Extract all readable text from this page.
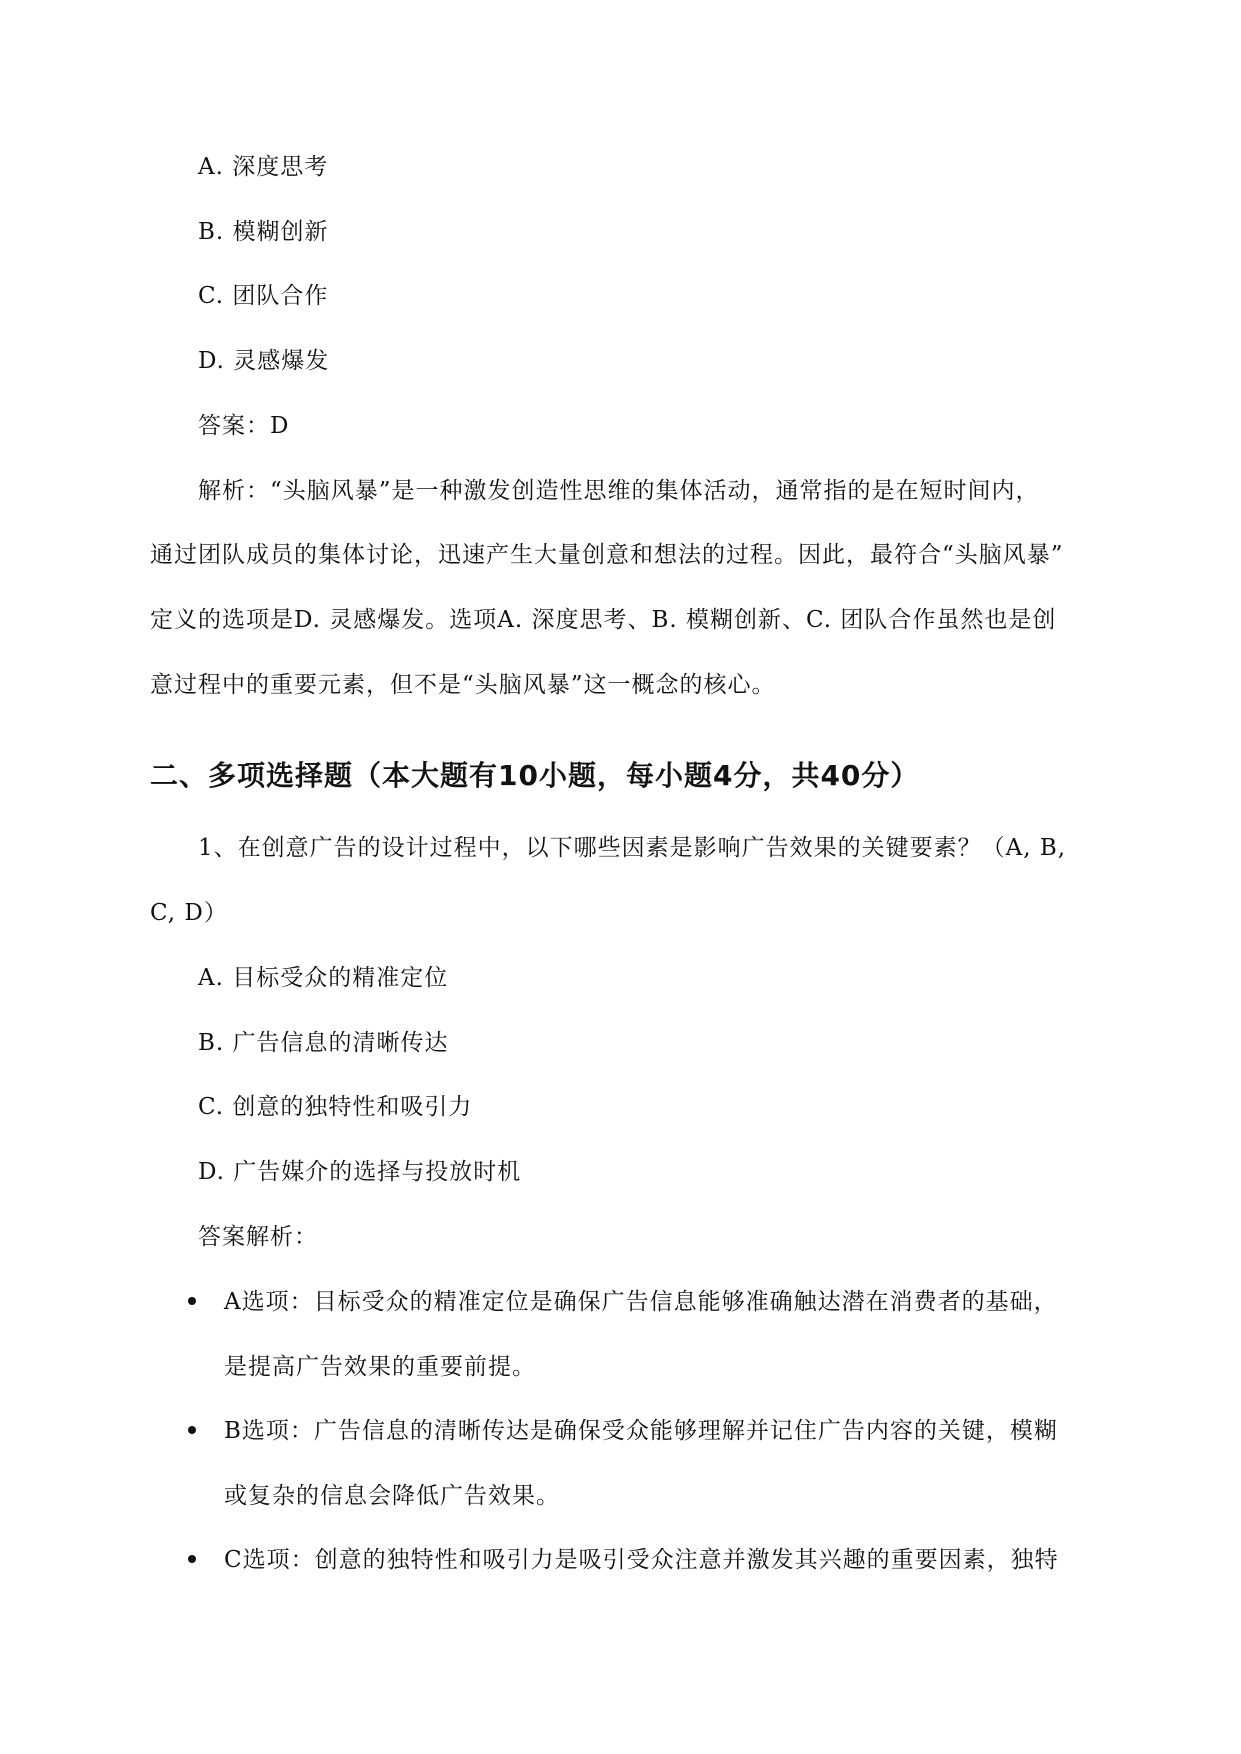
A. 深度思考
B. 模糊创新
C. 团队合作
D. 灵感爆发
答案：D
解析：“头脑风暴”是一种激发创造性思维的集体活动，通常指的是在短时间内，
通过团队成员的集体讨论，迅速产生大量创意和想法的过程。因此，最符合“头脑风暴”
定义的选项是D. 灵感爆发。选项A. 深度思考、B. 模糊创新、C. 团队合作虽然也是创
意过程中的重要元素，但不是“头脑风暴”这一概念的核心。
二、多项选择题（本大题有10小题，每小题4分，共40分）
1、在创意广告的设计过程中，以下哪些因素是影响广告效果的关键要素？（A, B,
C, D）
A. 目标受众的精准定位
B. 广告信息的清晰传达
C. 创意的独特性和吸引力
D. 广告媒介的选择与投放时机
答案解析：
A选项：目标受众的精准定位是确保广告信息能够准确触达潜在消费者的基础，
是提高广告效果的重要前提。
B选项：广告信息的清晰传达是确保受众能够理解并记住广告内容的关键，模糊
或复杂的信息会降低广告效果。
C选项：创意的独特性和吸引力是吸引受众注意并激发其兴趣的重要因素，独特
